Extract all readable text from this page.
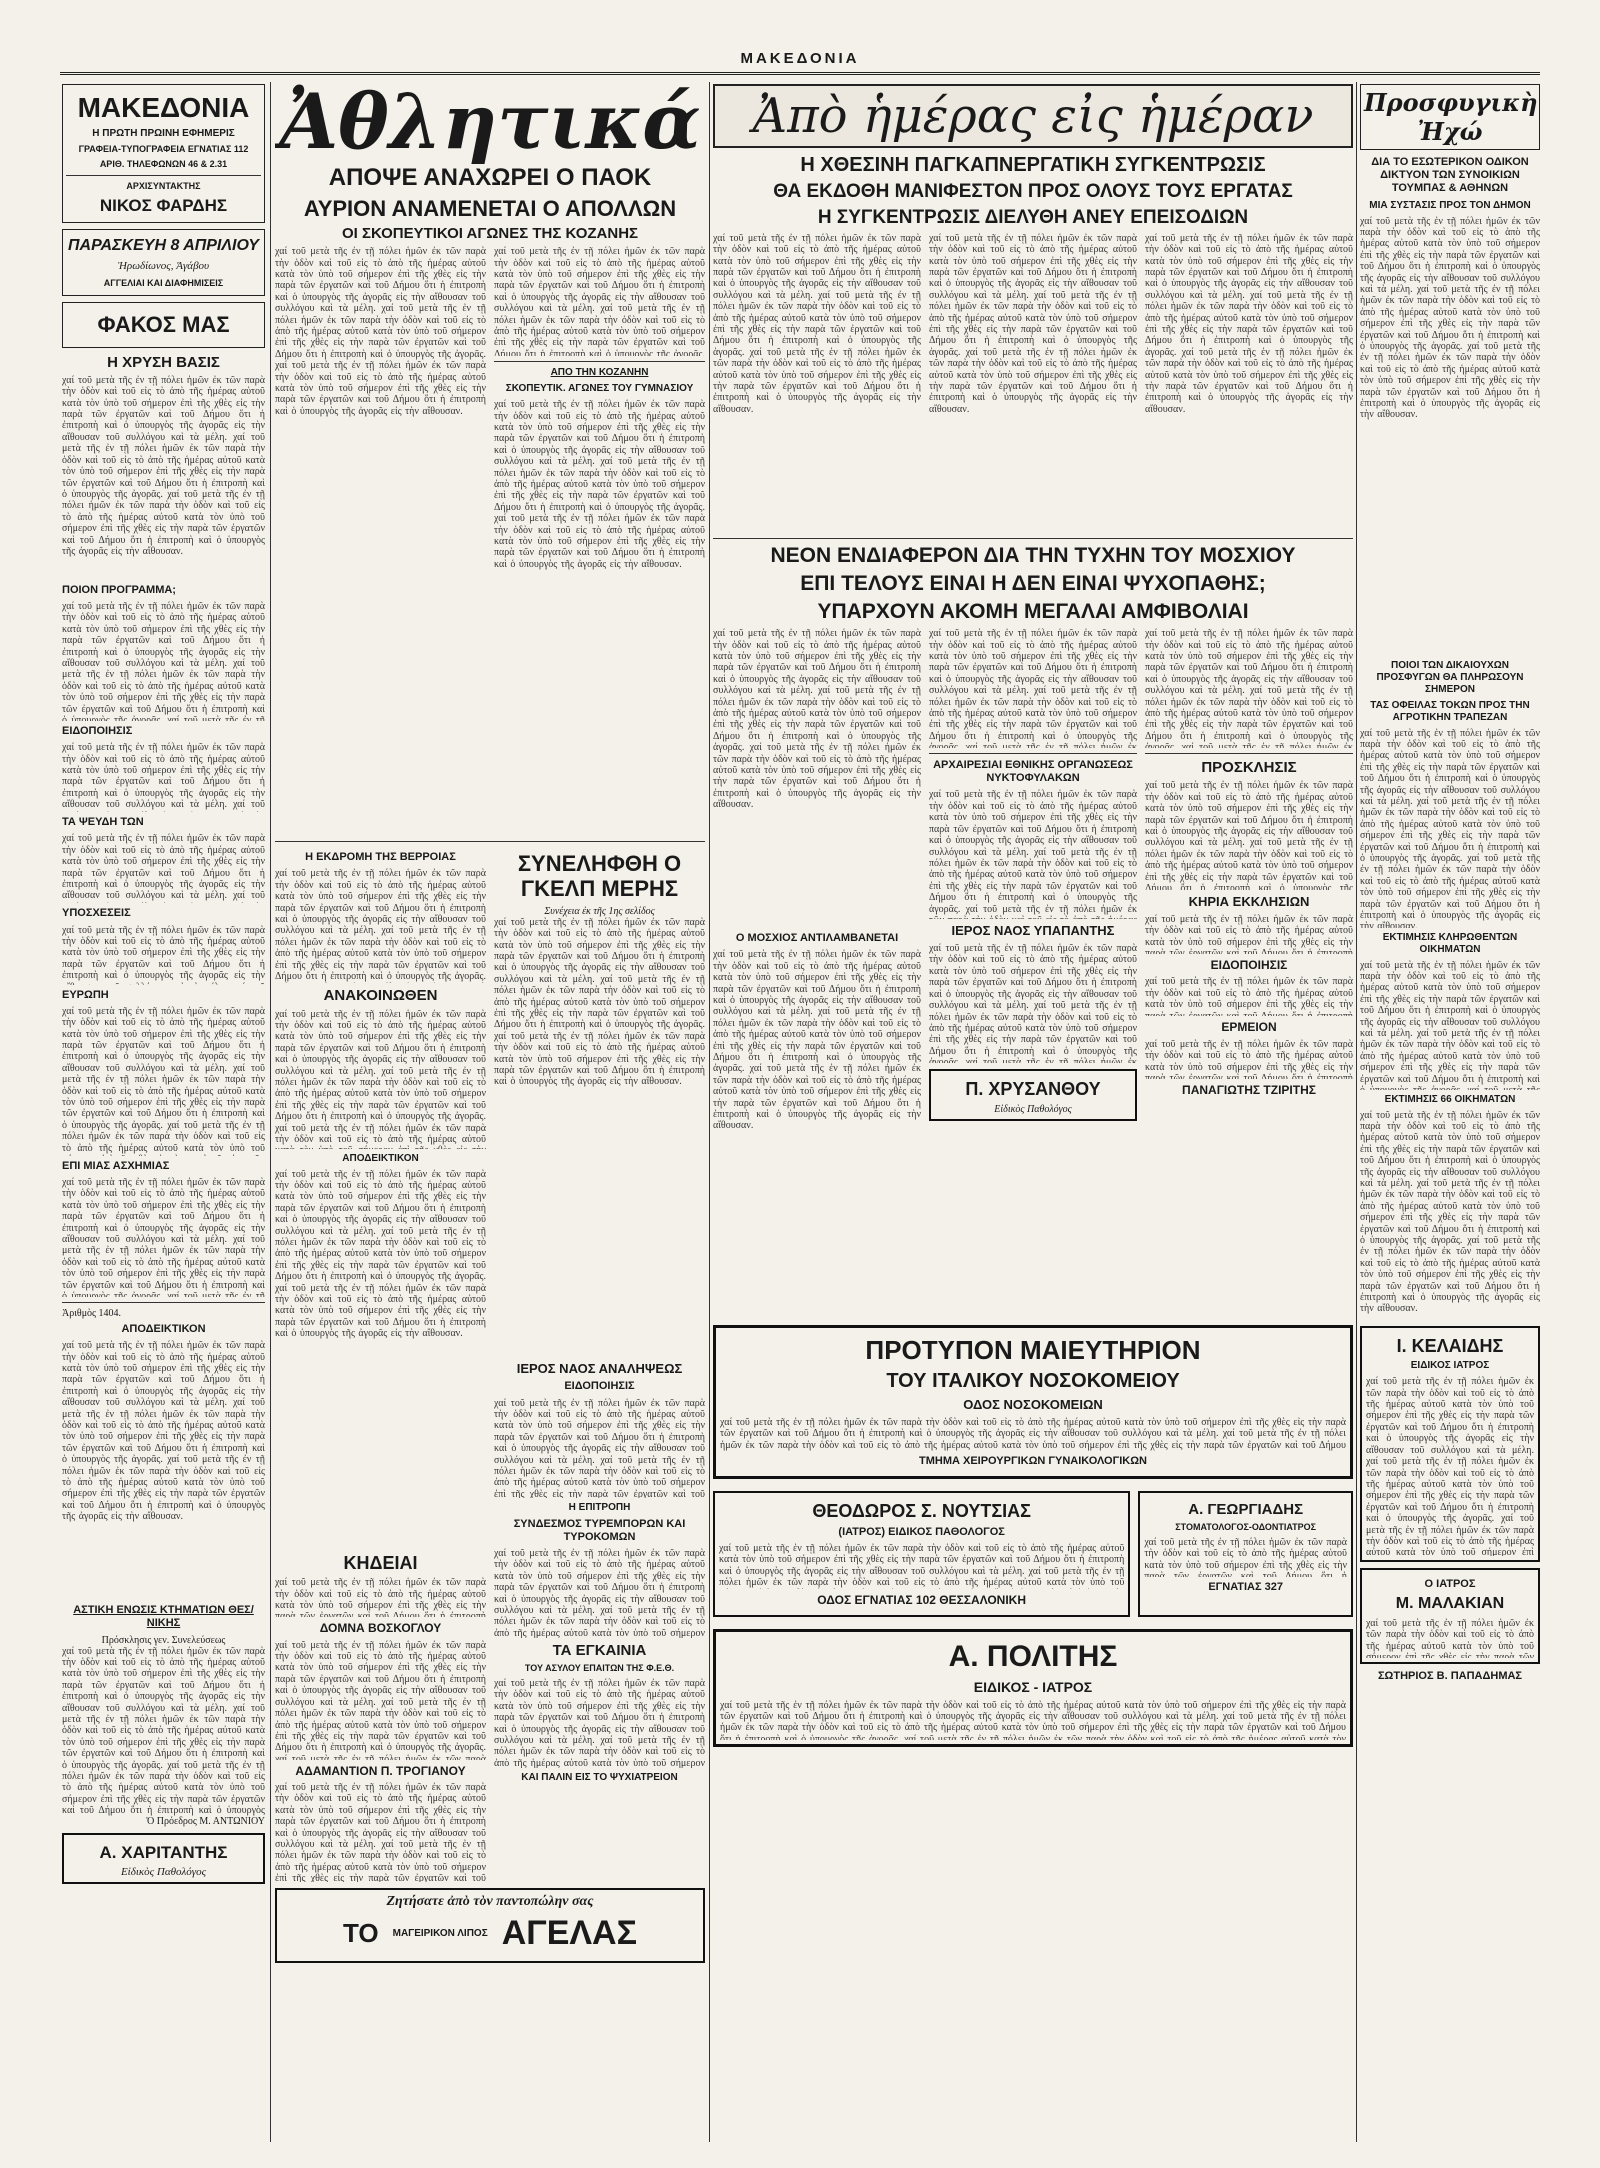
ΜΑΚΕΔΟΝΙΑ
ΜΑΚΕΔΟΝΙΑ
Η ΠΡΩΤΗ ΠΡΩΙΝΗ ΕΦΗΜΕΡΙΣ
ΓΡΑΦΕΙΑ-ΤΥΠΟΓΡΑΦΕΙΑ ΕΓΝΑΤΙΑΣ 112
ΑΡΙΘ. ΤΗΛΕΦΩΝΩΝ 46 & 2.31
ΑΡΧΙΣΥΝΤΑΚΤΗΣ
ΝΙΚΟΣ ΦΑΡΔΗΣ
ΠΑΡΑΣΚΕΥΗ 8 ΑΠΡΙΛΙΟΥ
Ἡρωδίωνος, Ἀγάβου
ΑΓΓΕΛΙΑΙ ΚΑΙ ΔΙΑΦΗΜΙΣΕΙΣ
ΦΑΚΟΣ ΜΑΣ
Η ΧΡΥΣΗ ΒΑΣΙΣ
χαί τοῦ μετὰ τῆς ἐν τῇ πόλει ἡμῶν ἐκ τῶν παρὰ τὴν ὁδὸν καὶ τοῦ εἰς τὸ ἀπὸ τῆς ἡμέρας αὐτοῦ κατὰ τὸν ὑπὸ τοῦ σήμερον ἐπὶ τῆς χθὲς εἰς τὴν παρὰ τῶν ἐργατῶν καὶ τοῦ Δήμου ὅτι ἡ ἐπιτροπὴ καὶ ὁ ὑπουργὸς τῆς ἀγορᾶς εἰς τὴν αἴθουσαν τοῦ συλλόγου καὶ τὰ μέλη. χαί τοῦ μετὰ τῆς ἐν τῇ πόλει ἡμῶν ἐκ τῶν παρὰ τὴν ὁδὸν καὶ τοῦ εἰς τὸ ἀπὸ τῆς ἡμέρας αὐτοῦ κατὰ τὸν ὑπὸ τοῦ σήμερον ἐπὶ τῆς χθὲς εἰς τὴν παρὰ τῶν ἐργατῶν καὶ τοῦ Δήμου ὅτι ἡ ἐπιτροπὴ καὶ ὁ ὑπουργὸς τῆς ἀγορᾶς. χαί τοῦ μετὰ τῆς ἐν τῇ πόλει ἡμῶν ἐκ τῶν παρὰ τὴν ὁδὸν καὶ τοῦ εἰς τὸ ἀπὸ τῆς ἡμέρας αὐτοῦ κατὰ τὸν ὑπὸ τοῦ σήμερον ἐπὶ τῆς χθὲς εἰς τὴν παρὰ τῶν ἐργατῶν καὶ τοῦ Δήμου ὅτι ἡ ἐπιτροπὴ καὶ ὁ ὑπουργὸς τῆς ἀγορᾶς εἰς τὴν αἴθουσαν.
ΠΟΙΟΝ ΠΡΟΓΡΑΜΜΑ;
χαί τοῦ μετὰ τῆς ἐν τῇ πόλει ἡμῶν ἐκ τῶν παρὰ τὴν ὁδὸν καὶ τοῦ εἰς τὸ ἀπὸ τῆς ἡμέρας αὐτοῦ κατὰ τὸν ὑπὸ τοῦ σήμερον ἐπὶ τῆς χθὲς εἰς τὴν παρὰ τῶν ἐργατῶν καὶ τοῦ Δήμου ὅτι ἡ ἐπιτροπὴ καὶ ὁ ὑπουργὸς τῆς ἀγορᾶς εἰς τὴν αἴθουσαν τοῦ συλλόγου καὶ τὰ μέλη. χαί τοῦ μετὰ τῆς ἐν τῇ πόλει ἡμῶν ἐκ τῶν παρὰ τὴν ὁδὸν καὶ τοῦ εἰς τὸ ἀπὸ τῆς ἡμέρας αὐτοῦ κατὰ τὸν ὑπὸ τοῦ σήμερον ἐπὶ τῆς χθὲς εἰς τὴν παρὰ τῶν ἐργατῶν καὶ τοῦ Δήμου ὅτι ἡ ἐπιτροπὴ καὶ ὁ ὑπουργὸς τῆς ἀγορᾶς. χαί τοῦ μετὰ τῆς ἐν τῇ πόλει ἡμῶν ἐκ τῶν παρὰ τὴν ὁδὸν καὶ τοῦ εἰς τὸ ἀπὸ τῆς ἡμέρας αὐτοῦ κατὰ τὸν ὑπὸ τοῦ σήμερον ἐπὶ τῆς χθὲς εἰς τὴν παρὰ τῶν ἐργατῶν καὶ τοῦ Δήμου ὅτι ἡ ἐπιτροπὴ καὶ ὁ ὑπουργὸς τῆς ἀγορᾶς εἰς τὴν αἴθουσαν.
ΕΙΔΟΠΟΙΗΣΙΣ
χαί τοῦ μετὰ τῆς ἐν τῇ πόλει ἡμῶν ἐκ τῶν παρὰ τὴν ὁδὸν καὶ τοῦ εἰς τὸ ἀπὸ τῆς ἡμέρας αὐτοῦ κατὰ τὸν ὑπὸ τοῦ σήμερον ἐπὶ τῆς χθὲς εἰς τὴν παρὰ τῶν ἐργατῶν καὶ τοῦ Δήμου ὅτι ἡ ἐπιτροπὴ καὶ ὁ ὑπουργὸς τῆς ἀγορᾶς εἰς τὴν αἴθουσαν τοῦ συλλόγου καὶ τὰ μέλη. χαί τοῦ μετὰ τῆς ἐν τῇ πόλει ἡμῶν ἐκ τῶν παρὰ τὴν ὁδὸν καὶ τοῦ εἰς τὸ ἀπὸ τῆς ἡμέρας αὐτοῦ κατὰ τὸν ὑπὸ τοῦ σήμερον ἐπὶ τῆς χθὲς εἰς τὴν παρὰ τῶν ἐργατῶν καὶ τοῦ Δήμου ὅτι ἡ ἐπιτροπὴ καὶ ὁ ὑπουργὸς τῆς ἀγορᾶς. χαί τοῦ μετὰ τῆς ἐν τῇ πόλει ἡμῶν ἐκ τῶν παρὰ τὴν ὁδὸν καὶ τοῦ εἰς τὸ ἀπὸ τῆς ἡμέρας αὐτοῦ κατὰ τὸν ὑπὸ τοῦ σήμερον ἐπὶ τῆς χθὲς εἰς τὴν παρὰ τῶν ἐργατῶν καὶ τοῦ Δήμου ὅτι ἡ ἐπιτροπὴ καὶ ὁ ὑπουργὸς τῆς ἀγορᾶς εἰς τὴν αἴθουσαν.
ΤΑ ΨΕΥΔΗ ΤΩΝ
χαί τοῦ μετὰ τῆς ἐν τῇ πόλει ἡμῶν ἐκ τῶν παρὰ τὴν ὁδὸν καὶ τοῦ εἰς τὸ ἀπὸ τῆς ἡμέρας αὐτοῦ κατὰ τὸν ὑπὸ τοῦ σήμερον ἐπὶ τῆς χθὲς εἰς τὴν παρὰ τῶν ἐργατῶν καὶ τοῦ Δήμου ὅτι ἡ ἐπιτροπὴ καὶ ὁ ὑπουργὸς τῆς ἀγορᾶς εἰς τὴν αἴθουσαν τοῦ συλλόγου καὶ τὰ μέλη. χαί τοῦ μετὰ τῆς ἐν τῇ πόλει ἡμῶν ἐκ τῶν παρὰ τὴν ὁδὸν καὶ τοῦ εἰς τὸ ἀπὸ τῆς ἡμέρας αὐτοῦ κατὰ τὸν ὑπὸ τοῦ σήμερον ἐπὶ τῆς χθὲς εἰς τὴν παρὰ τῶν ἐργατῶν καὶ τοῦ Δήμου ὅτι ἡ ἐπιτροπὴ καὶ ὁ ὑπουργὸς τῆς ἀγορᾶς. χαί τοῦ μετὰ τῆς ἐν τῇ πόλει ἡμῶν ἐκ τῶν παρὰ τὴν ὁδὸν καὶ τοῦ εἰς τὸ ἀπὸ τῆς ἡμέρας αὐτοῦ κατὰ τὸν ὑπὸ τοῦ σήμερον ἐπὶ τῆς χθὲς εἰς τὴν παρὰ τῶν ἐργατῶν καὶ τοῦ Δήμου ὅτι ἡ ἐπιτροπὴ καὶ ὁ ὑπουργὸς τῆς ἀγορᾶς εἰς τὴν αἴθουσαν.
ΥΠΟΣΧΕΣΕΙΣ
χαί τοῦ μετὰ τῆς ἐν τῇ πόλει ἡμῶν ἐκ τῶν παρὰ τὴν ὁδὸν καὶ τοῦ εἰς τὸ ἀπὸ τῆς ἡμέρας αὐτοῦ κατὰ τὸν ὑπὸ τοῦ σήμερον ἐπὶ τῆς χθὲς εἰς τὴν παρὰ τῶν ἐργατῶν καὶ τοῦ Δήμου ὅτι ἡ ἐπιτροπὴ καὶ ὁ ὑπουργὸς τῆς ἀγορᾶς εἰς τὴν αἴθουσαν τοῦ συλλόγου καὶ τὰ μέλη. χαί τοῦ μετὰ τῆς ἐν τῇ πόλει ἡμῶν ἐκ τῶν παρὰ τὴν ὁδὸν καὶ τοῦ εἰς τὸ ἀπὸ τῆς ἡμέρας αὐτοῦ κατὰ τὸν ὑπὸ τοῦ σήμερον ἐπὶ τῆς χθὲς εἰς τὴν παρὰ τῶν ἐργατῶν καὶ τοῦ Δήμου ὅτι ἡ ἐπιτροπὴ καὶ ὁ ὑπουργὸς τῆς ἀγορᾶς. χαί τοῦ μετὰ τῆς ἐν τῇ πόλει ἡμῶν ἐκ τῶν παρὰ τὴν ὁδὸν καὶ τοῦ εἰς τὸ ἀπὸ τῆς ἡμέρας αὐτοῦ κατὰ τὸν ὑπὸ τοῦ σήμερον ἐπὶ τῆς χθὲς εἰς τὴν παρὰ τῶν ἐργατῶν καὶ τοῦ Δήμου ὅτι ἡ ἐπιτροπὴ καὶ ὁ ὑπουργὸς τῆς ἀγορᾶς εἰς τὴν αἴθουσαν.
ΕΥΡΩΠΗ
χαί τοῦ μετὰ τῆς ἐν τῇ πόλει ἡμῶν ἐκ τῶν παρὰ τὴν ὁδὸν καὶ τοῦ εἰς τὸ ἀπὸ τῆς ἡμέρας αὐτοῦ κατὰ τὸν ὑπὸ τοῦ σήμερον ἐπὶ τῆς χθὲς εἰς τὴν παρὰ τῶν ἐργατῶν καὶ τοῦ Δήμου ὅτι ἡ ἐπιτροπὴ καὶ ὁ ὑπουργὸς τῆς ἀγορᾶς εἰς τὴν αἴθουσαν τοῦ συλλόγου καὶ τὰ μέλη. χαί τοῦ μετὰ τῆς ἐν τῇ πόλει ἡμῶν ἐκ τῶν παρὰ τὴν ὁδὸν καὶ τοῦ εἰς τὸ ἀπὸ τῆς ἡμέρας αὐτοῦ κατὰ τὸν ὑπὸ τοῦ σήμερον ἐπὶ τῆς χθὲς εἰς τὴν παρὰ τῶν ἐργατῶν καὶ τοῦ Δήμου ὅτι ἡ ἐπιτροπὴ καὶ ὁ ὑπουργὸς τῆς ἀγορᾶς. χαί τοῦ μετὰ τῆς ἐν τῇ πόλει ἡμῶν ἐκ τῶν παρὰ τὴν ὁδὸν καὶ τοῦ εἰς τὸ ἀπὸ τῆς ἡμέρας αὐτοῦ κατὰ τὸν ὑπὸ τοῦ σήμερον ἐπὶ τῆς χθὲς εἰς τὴν παρὰ τῶν ἐργατῶν καὶ τοῦ Δήμου ὅτι ἡ ἐπιτροπὴ καὶ ὁ ὑπουργὸς τῆς ἀγορᾶς εἰς τὴν αἴθουσαν.
ΕΠΙ ΜΙΑΣ ΑΣΧΗΜΙΑΣ
χαί τοῦ μετὰ τῆς ἐν τῇ πόλει ἡμῶν ἐκ τῶν παρὰ τὴν ὁδὸν καὶ τοῦ εἰς τὸ ἀπὸ τῆς ἡμέρας αὐτοῦ κατὰ τὸν ὑπὸ τοῦ σήμερον ἐπὶ τῆς χθὲς εἰς τὴν παρὰ τῶν ἐργατῶν καὶ τοῦ Δήμου ὅτι ἡ ἐπιτροπὴ καὶ ὁ ὑπουργὸς τῆς ἀγορᾶς εἰς τὴν αἴθουσαν τοῦ συλλόγου καὶ τὰ μέλη. χαί τοῦ μετὰ τῆς ἐν τῇ πόλει ἡμῶν ἐκ τῶν παρὰ τὴν ὁδὸν καὶ τοῦ εἰς τὸ ἀπὸ τῆς ἡμέρας αὐτοῦ κατὰ τὸν ὑπὸ τοῦ σήμερον ἐπὶ τῆς χθὲς εἰς τὴν παρὰ τῶν ἐργατῶν καὶ τοῦ Δήμου ὅτι ἡ ἐπιτροπὴ καὶ ὁ ὑπουργὸς τῆς ἀγορᾶς. χαί τοῦ μετὰ τῆς ἐν τῇ πόλει ἡμῶν ἐκ τῶν παρὰ τὴν ὁδὸν καὶ τοῦ εἰς τὸ ἀπὸ τῆς ἡμέρας αὐτοῦ κατὰ τὸν ὑπὸ τοῦ σήμερον ἐπὶ τῆς χθὲς εἰς τὴν παρὰ τῶν ἐργατῶν καὶ τοῦ Δήμου ὅτι ἡ ἐπιτροπὴ καὶ ὁ ὑπουργὸς τῆς ἀγορᾶς εἰς τὴν αἴθουσαν.
Ἀριθμὸς 1404.
ΑΠΟΔΕΙΚΤΙΚΟΝ
χαί τοῦ μετὰ τῆς ἐν τῇ πόλει ἡμῶν ἐκ τῶν παρὰ τὴν ὁδὸν καὶ τοῦ εἰς τὸ ἀπὸ τῆς ἡμέρας αὐτοῦ κατὰ τὸν ὑπὸ τοῦ σήμερον ἐπὶ τῆς χθὲς εἰς τὴν παρὰ τῶν ἐργατῶν καὶ τοῦ Δήμου ὅτι ἡ ἐπιτροπὴ καὶ ὁ ὑπουργὸς τῆς ἀγορᾶς εἰς τὴν αἴθουσαν τοῦ συλλόγου καὶ τὰ μέλη. χαί τοῦ μετὰ τῆς ἐν τῇ πόλει ἡμῶν ἐκ τῶν παρὰ τὴν ὁδὸν καὶ τοῦ εἰς τὸ ἀπὸ τῆς ἡμέρας αὐτοῦ κατὰ τὸν ὑπὸ τοῦ σήμερον ἐπὶ τῆς χθὲς εἰς τὴν παρὰ τῶν ἐργατῶν καὶ τοῦ Δήμου ὅτι ἡ ἐπιτροπὴ καὶ ὁ ὑπουργὸς τῆς ἀγορᾶς. χαί τοῦ μετὰ τῆς ἐν τῇ πόλει ἡμῶν ἐκ τῶν παρὰ τὴν ὁδὸν καὶ τοῦ εἰς τὸ ἀπὸ τῆς ἡμέρας αὐτοῦ κατὰ τὸν ὑπὸ τοῦ σήμερον ἐπὶ τῆς χθὲς εἰς τὴν παρὰ τῶν ἐργατῶν καὶ τοῦ Δήμου ὅτι ἡ ἐπιτροπὴ καὶ ὁ ὑπουργὸς τῆς ἀγορᾶς εἰς τὴν αἴθουσαν.
ΑΣΤΙΚΗ ΕΝΩΣΙΣ ΚΤΗΜΑΤΙΩΝ ΘΕΣ/ΝΙΚΗΣ
Πρόσκλησις γεν. Συνελεύσεως
χαί τοῦ μετὰ τῆς ἐν τῇ πόλει ἡμῶν ἐκ τῶν παρὰ τὴν ὁδὸν καὶ τοῦ εἰς τὸ ἀπὸ τῆς ἡμέρας αὐτοῦ κατὰ τὸν ὑπὸ τοῦ σήμερον ἐπὶ τῆς χθὲς εἰς τὴν παρὰ τῶν ἐργατῶν καὶ τοῦ Δήμου ὅτι ἡ ἐπιτροπὴ καὶ ὁ ὑπουργὸς τῆς ἀγορᾶς εἰς τὴν αἴθουσαν τοῦ συλλόγου καὶ τὰ μέλη. χαί τοῦ μετὰ τῆς ἐν τῇ πόλει ἡμῶν ἐκ τῶν παρὰ τὴν ὁδὸν καὶ τοῦ εἰς τὸ ἀπὸ τῆς ἡμέρας αὐτοῦ κατὰ τὸν ὑπὸ τοῦ σήμερον ἐπὶ τῆς χθὲς εἰς τὴν παρὰ τῶν ἐργατῶν καὶ τοῦ Δήμου ὅτι ἡ ἐπιτροπὴ καὶ ὁ ὑπουργὸς τῆς ἀγορᾶς. χαί τοῦ μετὰ τῆς ἐν τῇ πόλει ἡμῶν ἐκ τῶν παρὰ τὴν ὁδὸν καὶ τοῦ εἰς τὸ ἀπὸ τῆς ἡμέρας αὐτοῦ κατὰ τὸν ὑπὸ τοῦ σήμερον ἐπὶ τῆς χθὲς εἰς τὴν παρὰ τῶν ἐργατῶν καὶ τοῦ Δήμου ὅτι ἡ ἐπιτροπὴ καὶ ὁ ὑπουργὸς τῆς ἀγορᾶς εἰς τὴν αἴθουσαν.
Ὁ Πρόεδρος Μ. ΑΝΤΩΝΙΟΥ
Α. ΧΑΡΙΤΑΝΤΗΣ
Εἰδικὸς Παθολόγος
Ἀθλητικά
ΑΠΟΨΕ ΑΝΑΧΩΡΕΙ Ο ΠΑΟΚ
ΑΥΡΙΟΝ ΑΝΑΜΕΝΕΤΑΙ Ο ΑΠΟΛΛΩΝ
ΟΙ ΣΚΟΠΕΥΤΙΚΟΙ ΑΓΩΝΕΣ ΤΗΣ ΚΟΖΑΝΗΣ
χαί τοῦ μετὰ τῆς ἐν τῇ πόλει ἡμῶν ἐκ τῶν παρὰ τὴν ὁδὸν καὶ τοῦ εἰς τὸ ἀπὸ τῆς ἡμέρας αὐτοῦ κατὰ τὸν ὑπὸ τοῦ σήμερον ἐπὶ τῆς χθὲς εἰς τὴν παρὰ τῶν ἐργατῶν καὶ τοῦ Δήμου ὅτι ἡ ἐπιτροπὴ καὶ ὁ ὑπουργὸς τῆς ἀγορᾶς εἰς τὴν αἴθουσαν τοῦ συλλόγου καὶ τὰ μέλη. χαί τοῦ μετὰ τῆς ἐν τῇ πόλει ἡμῶν ἐκ τῶν παρὰ τὴν ὁδὸν καὶ τοῦ εἰς τὸ ἀπὸ τῆς ἡμέρας αὐτοῦ κατὰ τὸν ὑπὸ τοῦ σήμερον ἐπὶ τῆς χθὲς εἰς τὴν παρὰ τῶν ἐργατῶν καὶ τοῦ Δήμου ὅτι ἡ ἐπιτροπὴ καὶ ὁ ὑπουργὸς τῆς ἀγορᾶς. χαί τοῦ μετὰ τῆς ἐν τῇ πόλει ἡμῶν ἐκ τῶν παρὰ τὴν ὁδὸν καὶ τοῦ εἰς τὸ ἀπὸ τῆς ἡμέρας αὐτοῦ κατὰ τὸν ὑπὸ τοῦ σήμερον ἐπὶ τῆς χθὲς εἰς τὴν παρὰ τῶν ἐργατῶν καὶ τοῦ Δήμου ὅτι ἡ ἐπιτροπὴ καὶ ὁ ὑπουργὸς τῆς ἀγορᾶς εἰς τὴν αἴθουσαν.
χαί τοῦ μετὰ τῆς ἐν τῇ πόλει ἡμῶν ἐκ τῶν παρὰ τὴν ὁδὸν καὶ τοῦ εἰς τὸ ἀπὸ τῆς ἡμέρας αὐτοῦ κατὰ τὸν ὑπὸ τοῦ σήμερον ἐπὶ τῆς χθὲς εἰς τὴν παρὰ τῶν ἐργατῶν καὶ τοῦ Δήμου ὅτι ἡ ἐπιτροπὴ καὶ ὁ ὑπουργὸς τῆς ἀγορᾶς εἰς τὴν αἴθουσαν τοῦ συλλόγου καὶ τὰ μέλη. χαί τοῦ μετὰ τῆς ἐν τῇ πόλει ἡμῶν ἐκ τῶν παρὰ τὴν ὁδὸν καὶ τοῦ εἰς τὸ ἀπὸ τῆς ἡμέρας αὐτοῦ κατὰ τὸν ὑπὸ τοῦ σήμερον ἐπὶ τῆς χθὲς εἰς τὴν παρὰ τῶν ἐργατῶν καὶ τοῦ Δήμου ὅτι ἡ ἐπιτροπὴ καὶ ὁ ὑπουργὸς τῆς ἀγορᾶς. χαί τοῦ μετὰ τῆς ἐν τῇ πόλει ἡμῶν ἐκ τῶν παρὰ τὴν ὁδὸν καὶ τοῦ εἰς τὸ ἀπὸ τῆς ἡμέρας αὐτοῦ κατὰ τὸν ὑπὸ τοῦ σήμερον ἐπὶ τῆς χθὲς εἰς τὴν παρὰ τῶν ἐργατῶν καὶ τοῦ Δήμου ὅτι ἡ ἐπιτροπὴ καὶ ὁ ὑπουργὸς τῆς ἀγορᾶς εἰς τὴν αἴθουσαν.
ΑΠΟ ΤΗΝ ΚΟΖΑΝΗΝ
ΣΚΟΠΕΥΤΙΚ. ΑΓΩΝΕΣ ΤΟΥ ΓΥΜΝΑΣΙΟΥ
χαί τοῦ μετὰ τῆς ἐν τῇ πόλει ἡμῶν ἐκ τῶν παρὰ τὴν ὁδὸν καὶ τοῦ εἰς τὸ ἀπὸ τῆς ἡμέρας αὐτοῦ κατὰ τὸν ὑπὸ τοῦ σήμερον ἐπὶ τῆς χθὲς εἰς τὴν παρὰ τῶν ἐργατῶν καὶ τοῦ Δήμου ὅτι ἡ ἐπιτροπὴ καὶ ὁ ὑπουργὸς τῆς ἀγορᾶς εἰς τὴν αἴθουσαν τοῦ συλλόγου καὶ τὰ μέλη. χαί τοῦ μετὰ τῆς ἐν τῇ πόλει ἡμῶν ἐκ τῶν παρὰ τὴν ὁδὸν καὶ τοῦ εἰς τὸ ἀπὸ τῆς ἡμέρας αὐτοῦ κατὰ τὸν ὑπὸ τοῦ σήμερον ἐπὶ τῆς χθὲς εἰς τὴν παρὰ τῶν ἐργατῶν καὶ τοῦ Δήμου ὅτι ἡ ἐπιτροπὴ καὶ ὁ ὑπουργὸς τῆς ἀγορᾶς. χαί τοῦ μετὰ τῆς ἐν τῇ πόλει ἡμῶν ἐκ τῶν παρὰ τὴν ὁδὸν καὶ τοῦ εἰς τὸ ἀπὸ τῆς ἡμέρας αὐτοῦ κατὰ τὸν ὑπὸ τοῦ σήμερον ἐπὶ τῆς χθὲς εἰς τὴν παρὰ τῶν ἐργατῶν καὶ τοῦ Δήμου ὅτι ἡ ἐπιτροπὴ καὶ ὁ ὑπουργὸς τῆς ἀγορᾶς εἰς τὴν αἴθουσαν.
Η ΕΚΔΡΟΜΗ ΤΗΣ ΒΕΡΡΟΙΑΣ
χαί τοῦ μετὰ τῆς ἐν τῇ πόλει ἡμῶν ἐκ τῶν παρὰ τὴν ὁδὸν καὶ τοῦ εἰς τὸ ἀπὸ τῆς ἡμέρας αὐτοῦ κατὰ τὸν ὑπὸ τοῦ σήμερον ἐπὶ τῆς χθὲς εἰς τὴν παρὰ τῶν ἐργατῶν καὶ τοῦ Δήμου ὅτι ἡ ἐπιτροπὴ καὶ ὁ ὑπουργὸς τῆς ἀγορᾶς εἰς τὴν αἴθουσαν τοῦ συλλόγου καὶ τὰ μέλη. χαί τοῦ μετὰ τῆς ἐν τῇ πόλει ἡμῶν ἐκ τῶν παρὰ τὴν ὁδὸν καὶ τοῦ εἰς τὸ ἀπὸ τῆς ἡμέρας αὐτοῦ κατὰ τὸν ὑπὸ τοῦ σήμερον ἐπὶ τῆς χθὲς εἰς τὴν παρὰ τῶν ἐργατῶν καὶ τοῦ Δήμου ὅτι ἡ ἐπιτροπὴ καὶ ὁ ὑπουργὸς τῆς ἀγορᾶς. χαί τοῦ μετὰ τῆς ἐν τῇ πόλει ἡμῶν ἐκ τῶν παρὰ τὴν ὁδὸν καὶ τοῦ εἰς τὸ ἀπὸ τῆς ἡμέρας αὐτοῦ κατὰ τὸν ὑπὸ τοῦ σήμερον ἐπὶ τῆς χθὲς εἰς τὴν παρὰ τῶν ἐργατῶν καὶ τοῦ Δήμου ὅτι ἡ ἐπιτροπὴ καὶ ὁ ὑπουργὸς τῆς ἀγορᾶς εἰς τὴν αἴθουσαν.
ΑΝΑΚΟΙΝΩΘΕΝ
χαί τοῦ μετὰ τῆς ἐν τῇ πόλει ἡμῶν ἐκ τῶν παρὰ τὴν ὁδὸν καὶ τοῦ εἰς τὸ ἀπὸ τῆς ἡμέρας αὐτοῦ κατὰ τὸν ὑπὸ τοῦ σήμερον ἐπὶ τῆς χθὲς εἰς τὴν παρὰ τῶν ἐργατῶν καὶ τοῦ Δήμου ὅτι ἡ ἐπιτροπὴ καὶ ὁ ὑπουργὸς τῆς ἀγορᾶς εἰς τὴν αἴθουσαν τοῦ συλλόγου καὶ τὰ μέλη. χαί τοῦ μετὰ τῆς ἐν τῇ πόλει ἡμῶν ἐκ τῶν παρὰ τὴν ὁδὸν καὶ τοῦ εἰς τὸ ἀπὸ τῆς ἡμέρας αὐτοῦ κατὰ τὸν ὑπὸ τοῦ σήμερον ἐπὶ τῆς χθὲς εἰς τὴν παρὰ τῶν ἐργατῶν καὶ τοῦ Δήμου ὅτι ἡ ἐπιτροπὴ καὶ ὁ ὑπουργὸς τῆς ἀγορᾶς. χαί τοῦ μετὰ τῆς ἐν τῇ πόλει ἡμῶν ἐκ τῶν παρὰ τὴν ὁδὸν καὶ τοῦ εἰς τὸ ἀπὸ τῆς ἡμέρας αὐτοῦ κατὰ τὸν ὑπὸ τοῦ σήμερον ἐπὶ τῆς χθὲς εἰς τὴν παρὰ τῶν ἐργατῶν καὶ τοῦ Δήμου ὅτι ἡ ἐπιτροπὴ καὶ ὁ ὑπουργὸς τῆς ἀγορᾶς εἰς τὴν αἴθουσαν.
ΑΠΟΔΕΙΚΤΙΚΟΝ
χαί τοῦ μετὰ τῆς ἐν τῇ πόλει ἡμῶν ἐκ τῶν παρὰ τὴν ὁδὸν καὶ τοῦ εἰς τὸ ἀπὸ τῆς ἡμέρας αὐτοῦ κατὰ τὸν ὑπὸ τοῦ σήμερον ἐπὶ τῆς χθὲς εἰς τὴν παρὰ τῶν ἐργατῶν καὶ τοῦ Δήμου ὅτι ἡ ἐπιτροπὴ καὶ ὁ ὑπουργὸς τῆς ἀγορᾶς εἰς τὴν αἴθουσαν τοῦ συλλόγου καὶ τὰ μέλη. χαί τοῦ μετὰ τῆς ἐν τῇ πόλει ἡμῶν ἐκ τῶν παρὰ τὴν ὁδὸν καὶ τοῦ εἰς τὸ ἀπὸ τῆς ἡμέρας αὐτοῦ κατὰ τὸν ὑπὸ τοῦ σήμερον ἐπὶ τῆς χθὲς εἰς τὴν παρὰ τῶν ἐργατῶν καὶ τοῦ Δήμου ὅτι ἡ ἐπιτροπὴ καὶ ὁ ὑπουργὸς τῆς ἀγορᾶς. χαί τοῦ μετὰ τῆς ἐν τῇ πόλει ἡμῶν ἐκ τῶν παρὰ τὴν ὁδὸν καὶ τοῦ εἰς τὸ ἀπὸ τῆς ἡμέρας αὐτοῦ κατὰ τὸν ὑπὸ τοῦ σήμερον ἐπὶ τῆς χθὲς εἰς τὴν παρὰ τῶν ἐργατῶν καὶ τοῦ Δήμου ὅτι ἡ ἐπιτροπὴ καὶ ὁ ὑπουργὸς τῆς ἀγορᾶς εἰς τὴν αἴθουσαν.
ΚΗΔΕΙΑΙ
χαί τοῦ μετὰ τῆς ἐν τῇ πόλει ἡμῶν ἐκ τῶν παρὰ τὴν ὁδὸν καὶ τοῦ εἰς τὸ ἀπὸ τῆς ἡμέρας αὐτοῦ κατὰ τὸν ὑπὸ τοῦ σήμερον ἐπὶ τῆς χθὲς εἰς τὴν παρὰ τῶν ἐργατῶν καὶ τοῦ Δήμου ὅτι ἡ ἐπιτροπὴ καὶ ὁ ὑπουργὸς τῆς ἀγορᾶς εἰς τὴν αἴθουσαν τοῦ συλλόγου καὶ τὰ μέλη. χαί τοῦ μετὰ τῆς ἐν τῇ πόλει ἡμῶν ἐκ τῶν παρὰ τὴν ὁδὸν καὶ τοῦ εἰς τὸ ἀπὸ τῆς ἡμέρας αὐτοῦ κατὰ τὸν ὑπὸ τοῦ σήμερον ἐπὶ τῆς χθὲς εἰς τὴν παρὰ τῶν ἐργατῶν καὶ τοῦ Δήμου ὅτι ἡ ἐπιτροπὴ καὶ ὁ ὑπουργὸς τῆς ἀγορᾶς. χαί τοῦ μετὰ τῆς ἐν τῇ πόλει ἡμῶν ἐκ τῶν παρὰ τὴν ὁδὸν καὶ τοῦ εἰς τὸ ἀπὸ τῆς ἡμέρας αὐτοῦ κατὰ τὸν ὑπὸ τοῦ σήμερον ἐπὶ τῆς χθὲς εἰς τὴν παρὰ τῶν ἐργατῶν καὶ τοῦ Δήμου ὅτι ἡ ἐπιτροπὴ καὶ ὁ ὑπουργὸς τῆς ἀγορᾶς εἰς τὴν αἴθουσαν.
ΔΟΜΝΑ ΒΟΣΚΟΓΛΟΥ
χαί τοῦ μετὰ τῆς ἐν τῇ πόλει ἡμῶν ἐκ τῶν παρὰ τὴν ὁδὸν καὶ τοῦ εἰς τὸ ἀπὸ τῆς ἡμέρας αὐτοῦ κατὰ τὸν ὑπὸ τοῦ σήμερον ἐπὶ τῆς χθὲς εἰς τὴν παρὰ τῶν ἐργατῶν καὶ τοῦ Δήμου ὅτι ἡ ἐπιτροπὴ καὶ ὁ ὑπουργὸς τῆς ἀγορᾶς εἰς τὴν αἴθουσαν τοῦ συλλόγου καὶ τὰ μέλη. χαί τοῦ μετὰ τῆς ἐν τῇ πόλει ἡμῶν ἐκ τῶν παρὰ τὴν ὁδὸν καὶ τοῦ εἰς τὸ ἀπὸ τῆς ἡμέρας αὐτοῦ κατὰ τὸν ὑπὸ τοῦ σήμερον ἐπὶ τῆς χθὲς εἰς τὴν παρὰ τῶν ἐργατῶν καὶ τοῦ Δήμου ὅτι ἡ ἐπιτροπὴ καὶ ὁ ὑπουργὸς τῆς ἀγορᾶς. χαί τοῦ μετὰ τῆς ἐν τῇ πόλει ἡμῶν ἐκ τῶν παρὰ τὴν ὁδὸν καὶ τοῦ εἰς τὸ ἀπὸ τῆς ἡμέρας αὐτοῦ κατὰ τὸν ὑπὸ τοῦ σήμερον ἐπὶ τῆς χθὲς εἰς τὴν παρὰ τῶν ἐργατῶν καὶ τοῦ Δήμου ὅτι ἡ ἐπιτροπὴ καὶ ὁ ὑπουργὸς τῆς ἀγορᾶς εἰς τὴν αἴθουσαν.
ΑΔΑΜΑΝΤΙΟΝ Π. ΤΡΟΓΙΑΝΟΥ
χαί τοῦ μετὰ τῆς ἐν τῇ πόλει ἡμῶν ἐκ τῶν παρὰ τὴν ὁδὸν καὶ τοῦ εἰς τὸ ἀπὸ τῆς ἡμέρας αὐτοῦ κατὰ τὸν ὑπὸ τοῦ σήμερον ἐπὶ τῆς χθὲς εἰς τὴν παρὰ τῶν ἐργατῶν καὶ τοῦ Δήμου ὅτι ἡ ἐπιτροπὴ καὶ ὁ ὑπουργὸς τῆς ἀγορᾶς εἰς τὴν αἴθουσαν τοῦ συλλόγου καὶ τὰ μέλη. χαί τοῦ μετὰ τῆς ἐν τῇ πόλει ἡμῶν ἐκ τῶν παρὰ τὴν ὁδὸν καὶ τοῦ εἰς τὸ ἀπὸ τῆς ἡμέρας αὐτοῦ κατὰ τὸν ὑπὸ τοῦ σήμερον ἐπὶ τῆς χθὲς εἰς τὴν παρὰ τῶν ἐργατῶν καὶ τοῦ Δήμου ὅτι ἡ ἐπιτροπὴ καὶ ὁ ὑπουργὸς τῆς ἀγορᾶς. χαί τοῦ μετὰ τῆς ἐν τῇ πόλει ἡμῶν ἐκ τῶν παρὰ τὴν ὁδὸν καὶ τοῦ εἰς τὸ ἀπὸ τῆς ἡμέρας αὐτοῦ κατὰ τὸν ὑπὸ τοῦ σήμερον ἐπὶ τῆς χθὲς εἰς τὴν παρὰ τῶν ἐργατῶν καὶ τοῦ Δήμου ὅτι ἡ ἐπιτροπὴ καὶ ὁ ὑπουργὸς τῆς ἀγορᾶς εἰς τὴν αἴθουσαν.
ΣΥΝΕΛΗΦΘΗ Ο ΓΚΕΛΠ ΜΕΡΗΣ
Συνέχεια ἐκ τῆς 1ης σελίδος
χαί τοῦ μετὰ τῆς ἐν τῇ πόλει ἡμῶν ἐκ τῶν παρὰ τὴν ὁδὸν καὶ τοῦ εἰς τὸ ἀπὸ τῆς ἡμέρας αὐτοῦ κατὰ τὸν ὑπὸ τοῦ σήμερον ἐπὶ τῆς χθὲς εἰς τὴν παρὰ τῶν ἐργατῶν καὶ τοῦ Δήμου ὅτι ἡ ἐπιτροπὴ καὶ ὁ ὑπουργὸς τῆς ἀγορᾶς εἰς τὴν αἴθουσαν τοῦ συλλόγου καὶ τὰ μέλη. χαί τοῦ μετὰ τῆς ἐν τῇ πόλει ἡμῶν ἐκ τῶν παρὰ τὴν ὁδὸν καὶ τοῦ εἰς τὸ ἀπὸ τῆς ἡμέρας αὐτοῦ κατὰ τὸν ὑπὸ τοῦ σήμερον ἐπὶ τῆς χθὲς εἰς τὴν παρὰ τῶν ἐργατῶν καὶ τοῦ Δήμου ὅτι ἡ ἐπιτροπὴ καὶ ὁ ὑπουργὸς τῆς ἀγορᾶς. χαί τοῦ μετὰ τῆς ἐν τῇ πόλει ἡμῶν ἐκ τῶν παρὰ τὴν ὁδὸν καὶ τοῦ εἰς τὸ ἀπὸ τῆς ἡμέρας αὐτοῦ κατὰ τὸν ὑπὸ τοῦ σήμερον ἐπὶ τῆς χθὲς εἰς τὴν παρὰ τῶν ἐργατῶν καὶ τοῦ Δήμου ὅτι ἡ ἐπιτροπὴ καὶ ὁ ὑπουργὸς τῆς ἀγορᾶς εἰς τὴν αἴθουσαν.
ΙΕΡΟΣ ΝΑΟΣ ΑΝΑΛΗΨΕΩΣ
ΕΙΔΟΠΟΙΗΣΙΣ
χαί τοῦ μετὰ τῆς ἐν τῇ πόλει ἡμῶν ἐκ τῶν παρὰ τὴν ὁδὸν καὶ τοῦ εἰς τὸ ἀπὸ τῆς ἡμέρας αὐτοῦ κατὰ τὸν ὑπὸ τοῦ σήμερον ἐπὶ τῆς χθὲς εἰς τὴν παρὰ τῶν ἐργατῶν καὶ τοῦ Δήμου ὅτι ἡ ἐπιτροπὴ καὶ ὁ ὑπουργὸς τῆς ἀγορᾶς εἰς τὴν αἴθουσαν τοῦ συλλόγου καὶ τὰ μέλη. χαί τοῦ μετὰ τῆς ἐν τῇ πόλει ἡμῶν ἐκ τῶν παρὰ τὴν ὁδὸν καὶ τοῦ εἰς τὸ ἀπὸ τῆς ἡμέρας αὐτοῦ κατὰ τὸν ὑπὸ τοῦ σήμερον ἐπὶ τῆς χθὲς εἰς τὴν παρὰ τῶν ἐργατῶν καὶ τοῦ Δήμου ὅτι ἡ ἐπιτροπὴ καὶ ὁ ὑπουργὸς τῆς ἀγορᾶς. χαί τοῦ μετὰ τῆς ἐν τῇ πόλει ἡμῶν ἐκ τῶν παρὰ τὴν ὁδὸν καὶ τοῦ εἰς τὸ ἀπὸ τῆς ἡμέρας αὐτοῦ κατὰ τὸν ὑπὸ τοῦ σήμερον ἐπὶ τῆς χθὲς εἰς τὴν παρὰ τῶν ἐργατῶν καὶ τοῦ Δήμου ὅτι ἡ ἐπιτροπὴ καὶ ὁ ὑπουργὸς τῆς ἀγορᾶς εἰς τὴν αἴθουσαν.
Η ΕΠΙΤΡΟΠΗ
ΣΥΝΔΕΣΜΟΣ ΤΥΡΕΜΠΟΡΩΝ ΚΑΙ ΤΥΡΟΚΟΜΩΝ
χαί τοῦ μετὰ τῆς ἐν τῇ πόλει ἡμῶν ἐκ τῶν παρὰ τὴν ὁδὸν καὶ τοῦ εἰς τὸ ἀπὸ τῆς ἡμέρας αὐτοῦ κατὰ τὸν ὑπὸ τοῦ σήμερον ἐπὶ τῆς χθὲς εἰς τὴν παρὰ τῶν ἐργατῶν καὶ τοῦ Δήμου ὅτι ἡ ἐπιτροπὴ καὶ ὁ ὑπουργὸς τῆς ἀγορᾶς εἰς τὴν αἴθουσαν τοῦ συλλόγου καὶ τὰ μέλη. χαί τοῦ μετὰ τῆς ἐν τῇ πόλει ἡμῶν ἐκ τῶν παρὰ τὴν ὁδὸν καὶ τοῦ εἰς τὸ ἀπὸ τῆς ἡμέρας αὐτοῦ κατὰ τὸν ὑπὸ τοῦ σήμερον ἐπὶ τῆς χθὲς εἰς τὴν παρὰ τῶν ἐργατῶν καὶ τοῦ Δήμου ὅτι ἡ ἐπιτροπὴ καὶ ὁ ὑπουργὸς τῆς ἀγορᾶς. χαί τοῦ μετὰ τῆς ἐν τῇ πόλει ἡμῶν ἐκ τῶν παρὰ τὴν ὁδὸν καὶ τοῦ εἰς τὸ ἀπὸ τῆς ἡμέρας αὐτοῦ κατὰ τὸν ὑπὸ τοῦ σήμερον ἐπὶ τῆς χθὲς εἰς τὴν παρὰ τῶν ἐργατῶν καὶ τοῦ Δήμου ὅτι ἡ ἐπιτροπὴ καὶ ὁ ὑπουργὸς τῆς ἀγορᾶς εἰς τὴν αἴθουσαν.
ΤΑ ΕΓΚΑΙΝΙΑ
ΤΟΥ ΑΣΥΛΟΥ ΕΠΑΙΤΩΝ ΤΗΣ Φ.Ε.Θ.
χαί τοῦ μετὰ τῆς ἐν τῇ πόλει ἡμῶν ἐκ τῶν παρὰ τὴν ὁδὸν καὶ τοῦ εἰς τὸ ἀπὸ τῆς ἡμέρας αὐτοῦ κατὰ τὸν ὑπὸ τοῦ σήμερον ἐπὶ τῆς χθὲς εἰς τὴν παρὰ τῶν ἐργατῶν καὶ τοῦ Δήμου ὅτι ἡ ἐπιτροπὴ καὶ ὁ ὑπουργὸς τῆς ἀγορᾶς εἰς τὴν αἴθουσαν τοῦ συλλόγου καὶ τὰ μέλη. χαί τοῦ μετὰ τῆς ἐν τῇ πόλει ἡμῶν ἐκ τῶν παρὰ τὴν ὁδὸν καὶ τοῦ εἰς τὸ ἀπὸ τῆς ἡμέρας αὐτοῦ κατὰ τὸν ὑπὸ τοῦ σήμερον ἐπὶ τῆς χθὲς εἰς τὴν παρὰ τῶν ἐργατῶν καὶ τοῦ Δήμου ὅτι ἡ ἐπιτροπὴ καὶ ὁ ὑπουργὸς τῆς ἀγορᾶς. χαί τοῦ μετὰ τῆς ἐν τῇ πόλει ἡμῶν ἐκ τῶν παρὰ τὴν ὁδὸν καὶ τοῦ εἰς τὸ ἀπὸ τῆς ἡμέρας αὐτοῦ κατὰ τὸν ὑπὸ τοῦ σήμερον ἐπὶ τῆς χθὲς εἰς τὴν παρὰ τῶν ἐργατῶν καὶ τοῦ Δήμου ὅτι ἡ ἐπιτροπὴ καὶ ὁ ὑπουργὸς τῆς ἀγορᾶς εἰς τὴν αἴθουσαν.
ΚΑΙ ΠΑΛΙΝ ΕΙΣ ΤΟ ΨΥΧΙΑΤΡΕΙΟΝ
Ζητήσατε ἀπὸ τὸν παντοπώλην σας
ΤΟ ΜΑΓΕΙΡΙΚΟΝ ΛΙΠΟΣ ΑΓΕΛΑΣ
Ἀπὸ ἡμέρας εἰς ἡμέραν
Η ΧΘΕΣΙΝΗ ΠΑΓΚΑΠΝΕΡΓΑΤΙΚΗ ΣΥΓΚΕΝΤΡΩΣΙΣ
ΘΑ ΕΚΔΟΘΗ ΜΑΝΙΦΕΣΤΟΝ ΠΡΟΣ ΟΛΟΥΣ ΤΟΥΣ ΕΡΓΑΤΑΣ
Η ΣΥΓΚΕΝΤΡΩΣΙΣ ΔΙΕΛΥΘΗ ΑΝΕΥ ΕΠΕΙΣΟΔΙΩΝ
χαί τοῦ μετὰ τῆς ἐν τῇ πόλει ἡμῶν ἐκ τῶν παρὰ τὴν ὁδὸν καὶ τοῦ εἰς τὸ ἀπὸ τῆς ἡμέρας αὐτοῦ κατὰ τὸν ὑπὸ τοῦ σήμερον ἐπὶ τῆς χθὲς εἰς τὴν παρὰ τῶν ἐργατῶν καὶ τοῦ Δήμου ὅτι ἡ ἐπιτροπὴ καὶ ὁ ὑπουργὸς τῆς ἀγορᾶς εἰς τὴν αἴθουσαν τοῦ συλλόγου καὶ τὰ μέλη. χαί τοῦ μετὰ τῆς ἐν τῇ πόλει ἡμῶν ἐκ τῶν παρὰ τὴν ὁδὸν καὶ τοῦ εἰς τὸ ἀπὸ τῆς ἡμέρας αὐτοῦ κατὰ τὸν ὑπὸ τοῦ σήμερον ἐπὶ τῆς χθὲς εἰς τὴν παρὰ τῶν ἐργατῶν καὶ τοῦ Δήμου ὅτι ἡ ἐπιτροπὴ καὶ ὁ ὑπουργὸς τῆς ἀγορᾶς. χαί τοῦ μετὰ τῆς ἐν τῇ πόλει ἡμῶν ἐκ τῶν παρὰ τὴν ὁδὸν καὶ τοῦ εἰς τὸ ἀπὸ τῆς ἡμέρας αὐτοῦ κατὰ τὸν ὑπὸ τοῦ σήμερον ἐπὶ τῆς χθὲς εἰς τὴν παρὰ τῶν ἐργατῶν καὶ τοῦ Δήμου ὅτι ἡ ἐπιτροπὴ καὶ ὁ ὑπουργὸς τῆς ἀγορᾶς εἰς τὴν αἴθουσαν.
χαί τοῦ μετὰ τῆς ἐν τῇ πόλει ἡμῶν ἐκ τῶν παρὰ τὴν ὁδὸν καὶ τοῦ εἰς τὸ ἀπὸ τῆς ἡμέρας αὐτοῦ κατὰ τὸν ὑπὸ τοῦ σήμερον ἐπὶ τῆς χθὲς εἰς τὴν παρὰ τῶν ἐργατῶν καὶ τοῦ Δήμου ὅτι ἡ ἐπιτροπὴ καὶ ὁ ὑπουργὸς τῆς ἀγορᾶς εἰς τὴν αἴθουσαν τοῦ συλλόγου καὶ τὰ μέλη. χαί τοῦ μετὰ τῆς ἐν τῇ πόλει ἡμῶν ἐκ τῶν παρὰ τὴν ὁδὸν καὶ τοῦ εἰς τὸ ἀπὸ τῆς ἡμέρας αὐτοῦ κατὰ τὸν ὑπὸ τοῦ σήμερον ἐπὶ τῆς χθὲς εἰς τὴν παρὰ τῶν ἐργατῶν καὶ τοῦ Δήμου ὅτι ἡ ἐπιτροπὴ καὶ ὁ ὑπουργὸς τῆς ἀγορᾶς. χαί τοῦ μετὰ τῆς ἐν τῇ πόλει ἡμῶν ἐκ τῶν παρὰ τὴν ὁδὸν καὶ τοῦ εἰς τὸ ἀπὸ τῆς ἡμέρας αὐτοῦ κατὰ τὸν ὑπὸ τοῦ σήμερον ἐπὶ τῆς χθὲς εἰς τὴν παρὰ τῶν ἐργατῶν καὶ τοῦ Δήμου ὅτι ἡ ἐπιτροπὴ καὶ ὁ ὑπουργὸς τῆς ἀγορᾶς εἰς τὴν αἴθουσαν.
χαί τοῦ μετὰ τῆς ἐν τῇ πόλει ἡμῶν ἐκ τῶν παρὰ τὴν ὁδὸν καὶ τοῦ εἰς τὸ ἀπὸ τῆς ἡμέρας αὐτοῦ κατὰ τὸν ὑπὸ τοῦ σήμερον ἐπὶ τῆς χθὲς εἰς τὴν παρὰ τῶν ἐργατῶν καὶ τοῦ Δήμου ὅτι ἡ ἐπιτροπὴ καὶ ὁ ὑπουργὸς τῆς ἀγορᾶς εἰς τὴν αἴθουσαν τοῦ συλλόγου καὶ τὰ μέλη. χαί τοῦ μετὰ τῆς ἐν τῇ πόλει ἡμῶν ἐκ τῶν παρὰ τὴν ὁδὸν καὶ τοῦ εἰς τὸ ἀπὸ τῆς ἡμέρας αὐτοῦ κατὰ τὸν ὑπὸ τοῦ σήμερον ἐπὶ τῆς χθὲς εἰς τὴν παρὰ τῶν ἐργατῶν καὶ τοῦ Δήμου ὅτι ἡ ἐπιτροπὴ καὶ ὁ ὑπουργὸς τῆς ἀγορᾶς. χαί τοῦ μετὰ τῆς ἐν τῇ πόλει ἡμῶν ἐκ τῶν παρὰ τὴν ὁδὸν καὶ τοῦ εἰς τὸ ἀπὸ τῆς ἡμέρας αὐτοῦ κατὰ τὸν ὑπὸ τοῦ σήμερον ἐπὶ τῆς χθὲς εἰς τὴν παρὰ τῶν ἐργατῶν καὶ τοῦ Δήμου ὅτι ἡ ἐπιτροπὴ καὶ ὁ ὑπουργὸς τῆς ἀγορᾶς εἰς τὴν αἴθουσαν.
ΝΕΟΝ ΕΝΔΙΑΦΕΡΟΝ ΔΙΑ ΤΗΝ ΤΥΧΗΝ ΤΟΥ ΜΟΣΧΙΟΥ
ΕΠΙ ΤΕΛΟΥΣ ΕΙΝΑΙ Η ΔΕΝ ΕΙΝΑΙ ΨΥΧΟΠΑΘΗΣ;
ΥΠΑΡΧΟΥΝ ΑΚΟΜΗ ΜΕΓΑΛΑΙ ΑΜΦΙΒΟΛΙΑΙ
χαί τοῦ μετὰ τῆς ἐν τῇ πόλει ἡμῶν ἐκ τῶν παρὰ τὴν ὁδὸν καὶ τοῦ εἰς τὸ ἀπὸ τῆς ἡμέρας αὐτοῦ κατὰ τὸν ὑπὸ τοῦ σήμερον ἐπὶ τῆς χθὲς εἰς τὴν παρὰ τῶν ἐργατῶν καὶ τοῦ Δήμου ὅτι ἡ ἐπιτροπὴ καὶ ὁ ὑπουργὸς τῆς ἀγορᾶς εἰς τὴν αἴθουσαν τοῦ συλλόγου καὶ τὰ μέλη. χαί τοῦ μετὰ τῆς ἐν τῇ πόλει ἡμῶν ἐκ τῶν παρὰ τὴν ὁδὸν καὶ τοῦ εἰς τὸ ἀπὸ τῆς ἡμέρας αὐτοῦ κατὰ τὸν ὑπὸ τοῦ σήμερον ἐπὶ τῆς χθὲς εἰς τὴν παρὰ τῶν ἐργατῶν καὶ τοῦ Δήμου ὅτι ἡ ἐπιτροπὴ καὶ ὁ ὑπουργὸς τῆς ἀγορᾶς. χαί τοῦ μετὰ τῆς ἐν τῇ πόλει ἡμῶν ἐκ τῶν παρὰ τὴν ὁδὸν καὶ τοῦ εἰς τὸ ἀπὸ τῆς ἡμέρας αὐτοῦ κατὰ τὸν ὑπὸ τοῦ σήμερον ἐπὶ τῆς χθὲς εἰς τὴν παρὰ τῶν ἐργατῶν καὶ τοῦ Δήμου ὅτι ἡ ἐπιτροπὴ καὶ ὁ ὑπουργὸς τῆς ἀγορᾶς εἰς τὴν αἴθουσαν.
Ο ΜΟΣΧΙΟΣ ΑΝΤΙΛΑΜΒΑΝΕΤΑΙ
χαί τοῦ μετὰ τῆς ἐν τῇ πόλει ἡμῶν ἐκ τῶν παρὰ τὴν ὁδὸν καὶ τοῦ εἰς τὸ ἀπὸ τῆς ἡμέρας αὐτοῦ κατὰ τὸν ὑπὸ τοῦ σήμερον ἐπὶ τῆς χθὲς εἰς τὴν παρὰ τῶν ἐργατῶν καὶ τοῦ Δήμου ὅτι ἡ ἐπιτροπὴ καὶ ὁ ὑπουργὸς τῆς ἀγορᾶς εἰς τὴν αἴθουσαν τοῦ συλλόγου καὶ τὰ μέλη. χαί τοῦ μετὰ τῆς ἐν τῇ πόλει ἡμῶν ἐκ τῶν παρὰ τὴν ὁδὸν καὶ τοῦ εἰς τὸ ἀπὸ τῆς ἡμέρας αὐτοῦ κατὰ τὸν ὑπὸ τοῦ σήμερον ἐπὶ τῆς χθὲς εἰς τὴν παρὰ τῶν ἐργατῶν καὶ τοῦ Δήμου ὅτι ἡ ἐπιτροπὴ καὶ ὁ ὑπουργὸς τῆς ἀγορᾶς. χαί τοῦ μετὰ τῆς ἐν τῇ πόλει ἡμῶν ἐκ τῶν παρὰ τὴν ὁδὸν καὶ τοῦ εἰς τὸ ἀπὸ τῆς ἡμέρας αὐτοῦ κατὰ τὸν ὑπὸ τοῦ σήμερον ἐπὶ τῆς χθὲς εἰς τὴν παρὰ τῶν ἐργατῶν καὶ τοῦ Δήμου ὅτι ἡ ἐπιτροπὴ καὶ ὁ ὑπουργὸς τῆς ἀγορᾶς εἰς τὴν αἴθουσαν.
χαί τοῦ μετὰ τῆς ἐν τῇ πόλει ἡμῶν ἐκ τῶν παρὰ τὴν ὁδὸν καὶ τοῦ εἰς τὸ ἀπὸ τῆς ἡμέρας αὐτοῦ κατὰ τὸν ὑπὸ τοῦ σήμερον ἐπὶ τῆς χθὲς εἰς τὴν παρὰ τῶν ἐργατῶν καὶ τοῦ Δήμου ὅτι ἡ ἐπιτροπὴ καὶ ὁ ὑπουργὸς τῆς ἀγορᾶς εἰς τὴν αἴθουσαν τοῦ συλλόγου καὶ τὰ μέλη. χαί τοῦ μετὰ τῆς ἐν τῇ πόλει ἡμῶν ἐκ τῶν παρὰ τὴν ὁδὸν καὶ τοῦ εἰς τὸ ἀπὸ τῆς ἡμέρας αὐτοῦ κατὰ τὸν ὑπὸ τοῦ σήμερον ἐπὶ τῆς χθὲς εἰς τὴν παρὰ τῶν ἐργατῶν καὶ τοῦ Δήμου ὅτι ἡ ἐπιτροπὴ καὶ ὁ ὑπουργὸς τῆς ἀγορᾶς. χαί τοῦ μετὰ τῆς ἐν τῇ πόλει ἡμῶν ἐκ τῶν παρὰ τὴν ὁδὸν καὶ τοῦ εἰς τὸ ἀπὸ τῆς ἡμέρας αὐτοῦ κατὰ τὸν ὑπὸ τοῦ σήμερον ἐπὶ τῆς χθὲς εἰς τὴν παρὰ τῶν ἐργατῶν καὶ τοῦ Δήμου ὅτι ἡ ἐπιτροπὴ καὶ ὁ ὑπουργὸς τῆς ἀγορᾶς εἰς τὴν αἴθουσαν.
ΑΡΧΑΙΡΕΣΙΑΙ ΕΘΝΙΚΗΣ ΟΡΓΑΝΩΣΕΩΣ ΝΥΚΤΟΦΥΛΑΚΩΝ
χαί τοῦ μετὰ τῆς ἐν τῇ πόλει ἡμῶν ἐκ τῶν παρὰ τὴν ὁδὸν καὶ τοῦ εἰς τὸ ἀπὸ τῆς ἡμέρας αὐτοῦ κατὰ τὸν ὑπὸ τοῦ σήμερον ἐπὶ τῆς χθὲς εἰς τὴν παρὰ τῶν ἐργατῶν καὶ τοῦ Δήμου ὅτι ἡ ἐπιτροπὴ καὶ ὁ ὑπουργὸς τῆς ἀγορᾶς εἰς τὴν αἴθουσαν τοῦ συλλόγου καὶ τὰ μέλη. χαί τοῦ μετὰ τῆς ἐν τῇ πόλει ἡμῶν ἐκ τῶν παρὰ τὴν ὁδὸν καὶ τοῦ εἰς τὸ ἀπὸ τῆς ἡμέρας αὐτοῦ κατὰ τὸν ὑπὸ τοῦ σήμερον ἐπὶ τῆς χθὲς εἰς τὴν παρὰ τῶν ἐργατῶν καὶ τοῦ Δήμου ὅτι ἡ ἐπιτροπὴ καὶ ὁ ὑπουργὸς τῆς ἀγορᾶς. χαί τοῦ μετὰ τῆς ἐν τῇ πόλει ἡμῶν ἐκ τῶν παρὰ τὴν ὁδὸν καὶ τοῦ εἰς τὸ ἀπὸ τῆς ἡμέρας αὐτοῦ κατὰ τὸν ὑπὸ τοῦ σήμερον ἐπὶ τῆς χθὲς εἰς τὴν παρὰ τῶν ἐργατῶν καὶ τοῦ Δήμου ὅτι ἡ ἐπιτροπὴ καὶ ὁ ὑπουργὸς τῆς ἀγορᾶς εἰς τὴν αἴθουσαν.
ΙΕΡΟΣ ΝΑΟΣ ΥΠΑΠΑΝΤΗΣ
χαί τοῦ μετὰ τῆς ἐν τῇ πόλει ἡμῶν ἐκ τῶν παρὰ τὴν ὁδὸν καὶ τοῦ εἰς τὸ ἀπὸ τῆς ἡμέρας αὐτοῦ κατὰ τὸν ὑπὸ τοῦ σήμερον ἐπὶ τῆς χθὲς εἰς τὴν παρὰ τῶν ἐργατῶν καὶ τοῦ Δήμου ὅτι ἡ ἐπιτροπὴ καὶ ὁ ὑπουργὸς τῆς ἀγορᾶς εἰς τὴν αἴθουσαν τοῦ συλλόγου καὶ τὰ μέλη. χαί τοῦ μετὰ τῆς ἐν τῇ πόλει ἡμῶν ἐκ τῶν παρὰ τὴν ὁδὸν καὶ τοῦ εἰς τὸ ἀπὸ τῆς ἡμέρας αὐτοῦ κατὰ τὸν ὑπὸ τοῦ σήμερον ἐπὶ τῆς χθὲς εἰς τὴν παρὰ τῶν ἐργατῶν καὶ τοῦ Δήμου ὅτι ἡ ἐπιτροπὴ καὶ ὁ ὑπουργὸς τῆς ἀγορᾶς. χαί τοῦ μετὰ τῆς ἐν τῇ πόλει ἡμῶν ἐκ τῶν παρὰ τὴν ὁδὸν καὶ τοῦ εἰς τὸ ἀπὸ τῆς ἡμέρας αὐτοῦ κατὰ τὸν ὑπὸ τοῦ σήμερον ἐπὶ τῆς χθὲς εἰς τὴν παρὰ τῶν ἐργατῶν καὶ τοῦ Δήμου ὅτι ἡ ἐπιτροπὴ καὶ ὁ ὑπουργὸς τῆς ἀγορᾶς εἰς τὴν αἴθουσαν.
Π. ΧΡΥΣΑΝΘΟΥ
Εἰδικὸς Παθολόγος
χαί τοῦ μετὰ τῆς ἐν τῇ πόλει ἡμῶν ἐκ τῶν παρὰ τὴν ὁδὸν καὶ τοῦ εἰς τὸ ἀπὸ τῆς ἡμέρας αὐτοῦ κατὰ τὸν ὑπὸ τοῦ σήμερον ἐπὶ τῆς χθὲς εἰς τὴν παρὰ τῶν ἐργατῶν καὶ τοῦ Δήμου ὅτι ἡ ἐπιτροπὴ καὶ ὁ ὑπουργὸς τῆς ἀγορᾶς εἰς τὴν αἴθουσαν τοῦ συλλόγου καὶ τὰ μέλη. χαί τοῦ μετὰ τῆς ἐν τῇ πόλει ἡμῶν ἐκ τῶν παρὰ τὴν ὁδὸν καὶ τοῦ εἰς τὸ ἀπὸ τῆς ἡμέρας αὐτοῦ κατὰ τὸν ὑπὸ τοῦ σήμερον ἐπὶ τῆς χθὲς εἰς τὴν παρὰ τῶν ἐργατῶν καὶ τοῦ Δήμου ὅτι ἡ ἐπιτροπὴ καὶ ὁ ὑπουργὸς τῆς ἀγορᾶς. χαί τοῦ μετὰ τῆς ἐν τῇ πόλει ἡμῶν ἐκ τῶν παρὰ τὴν ὁδὸν καὶ τοῦ εἰς τὸ ἀπὸ τῆς ἡμέρας αὐτοῦ κατὰ τὸν ὑπὸ τοῦ σήμερον ἐπὶ τῆς χθὲς εἰς τὴν παρὰ τῶν ἐργατῶν καὶ τοῦ Δήμου ὅτι ἡ ἐπιτροπὴ καὶ ὁ ὑπουργὸς τῆς ἀγορᾶς εἰς τὴν αἴθουσαν.
ΠΡΟΣΚΛΗΣΙΣ
χαί τοῦ μετὰ τῆς ἐν τῇ πόλει ἡμῶν ἐκ τῶν παρὰ τὴν ὁδὸν καὶ τοῦ εἰς τὸ ἀπὸ τῆς ἡμέρας αὐτοῦ κατὰ τὸν ὑπὸ τοῦ σήμερον ἐπὶ τῆς χθὲς εἰς τὴν παρὰ τῶν ἐργατῶν καὶ τοῦ Δήμου ὅτι ἡ ἐπιτροπὴ καὶ ὁ ὑπουργὸς τῆς ἀγορᾶς εἰς τὴν αἴθουσαν τοῦ συλλόγου καὶ τὰ μέλη. χαί τοῦ μετὰ τῆς ἐν τῇ πόλει ἡμῶν ἐκ τῶν παρὰ τὴν ὁδὸν καὶ τοῦ εἰς τὸ ἀπὸ τῆς ἡμέρας αὐτοῦ κατὰ τὸν ὑπὸ τοῦ σήμερον ἐπὶ τῆς χθὲς εἰς τὴν παρὰ τῶν ἐργατῶν καὶ τοῦ Δήμου ὅτι ἡ ἐπιτροπὴ καὶ ὁ ὑπουργὸς τῆς ἀγορᾶς. χαί τοῦ μετὰ τῆς ἐν τῇ πόλει ἡμῶν ἐκ τῶν παρὰ τὴν ὁδὸν καὶ τοῦ εἰς τὸ ἀπὸ τῆς ἡμέρας αὐτοῦ κατὰ τὸν ὑπὸ τοῦ σήμερον ἐπὶ τῆς χθὲς εἰς τὴν παρὰ τῶν ἐργατῶν καὶ τοῦ Δήμου ὅτι ἡ ἐπιτροπὴ καὶ ὁ ὑπουργὸς τῆς ἀγορᾶς εἰς τὴν αἴθουσαν.
ΚΗΡΙΑ ΕΚΚΛΗΣΙΩΝ
χαί τοῦ μετὰ τῆς ἐν τῇ πόλει ἡμῶν ἐκ τῶν παρὰ τὴν ὁδὸν καὶ τοῦ εἰς τὸ ἀπὸ τῆς ἡμέρας αὐτοῦ κατὰ τὸν ὑπὸ τοῦ σήμερον ἐπὶ τῆς χθὲς εἰς τὴν παρὰ τῶν ἐργατῶν καὶ τοῦ Δήμου ὅτι ἡ ἐπιτροπὴ καὶ ὁ ὑπουργὸς τῆς ἀγορᾶς εἰς τὴν αἴθουσαν τοῦ συλλόγου καὶ τὰ μέλη. χαί τοῦ μετὰ τῆς ἐν τῇ πόλει ἡμῶν ἐκ τῶν παρὰ τὴν ὁδὸν καὶ τοῦ εἰς τὸ ἀπὸ τῆς ἡμέρας αὐτοῦ κατὰ τὸν ὑπὸ τοῦ σήμερον ἐπὶ τῆς χθὲς εἰς τὴν παρὰ τῶν ἐργατῶν καὶ τοῦ Δήμου ὅτι ἡ ἐπιτροπὴ καὶ ὁ ὑπουργὸς τῆς ἀγορᾶς. χαί τοῦ μετὰ τῆς ἐν τῇ πόλει ἡμῶν ἐκ τῶν παρὰ τὴν ὁδὸν καὶ τοῦ εἰς τὸ ἀπὸ τῆς ἡμέρας αὐτοῦ κατὰ τὸν ὑπὸ τοῦ σήμερον ἐπὶ τῆς χθὲς εἰς τὴν παρὰ τῶν ἐργατῶν καὶ τοῦ Δήμου ὅτι ἡ ἐπιτροπὴ καὶ ὁ ὑπουργὸς τῆς ἀγορᾶς εἰς τὴν αἴθουσαν.
ΕΙΔΟΠΟΙΗΣΙΣ
χαί τοῦ μετὰ τῆς ἐν τῇ πόλει ἡμῶν ἐκ τῶν παρὰ τὴν ὁδὸν καὶ τοῦ εἰς τὸ ἀπὸ τῆς ἡμέρας αὐτοῦ κατὰ τὸν ὑπὸ τοῦ σήμερον ἐπὶ τῆς χθὲς εἰς τὴν παρὰ τῶν ἐργατῶν καὶ τοῦ Δήμου ὅτι ἡ ἐπιτροπὴ καὶ ὁ ὑπουργὸς τῆς ἀγορᾶς εἰς τὴν αἴθουσαν τοῦ συλλόγου καὶ τὰ μέλη. χαί τοῦ μετὰ τῆς ἐν τῇ πόλει ἡμῶν ἐκ τῶν παρὰ τὴν ὁδὸν καὶ τοῦ εἰς τὸ ἀπὸ τῆς ἡμέρας αὐτοῦ κατὰ τὸν ὑπὸ τοῦ σήμερον ἐπὶ τῆς χθὲς εἰς τὴν παρὰ τῶν ἐργατῶν καὶ τοῦ Δήμου ὅτι ἡ ἐπιτροπὴ καὶ ὁ ὑπουργὸς τῆς ἀγορᾶς. χαί τοῦ μετὰ τῆς ἐν τῇ πόλει ἡμῶν ἐκ τῶν παρὰ τὴν ὁδὸν καὶ τοῦ εἰς τὸ ἀπὸ τῆς ἡμέρας αὐτοῦ κατὰ τὸν ὑπὸ τοῦ σήμερον ἐπὶ τῆς χθὲς εἰς τὴν παρὰ τῶν ἐργατῶν καὶ τοῦ Δήμου ὅτι ἡ ἐπιτροπὴ καὶ ὁ ὑπουργὸς τῆς ἀγορᾶς εἰς τὴν αἴθουσαν.
ΕΡΜΕΙΟΝ
χαί τοῦ μετὰ τῆς ἐν τῇ πόλει ἡμῶν ἐκ τῶν παρὰ τὴν ὁδὸν καὶ τοῦ εἰς τὸ ἀπὸ τῆς ἡμέρας αὐτοῦ κατὰ τὸν ὑπὸ τοῦ σήμερον ἐπὶ τῆς χθὲς εἰς τὴν παρὰ τῶν ἐργατῶν καὶ τοῦ Δήμου ὅτι ἡ ἐπιτροπὴ καὶ ὁ ὑπουργὸς τῆς ἀγορᾶς εἰς τὴν αἴθουσαν τοῦ συλλόγου καὶ τὰ μέλη. χαί τοῦ μετὰ τῆς ἐν τῇ πόλει ἡμῶν ἐκ τῶν παρὰ τὴν ὁδὸν καὶ τοῦ εἰς τὸ ἀπὸ τῆς ἡμέρας αὐτοῦ κατὰ τὸν ὑπὸ τοῦ σήμερον ἐπὶ τῆς χθὲς εἰς τὴν παρὰ τῶν ἐργατῶν καὶ τοῦ Δήμου ὅτι ἡ ἐπιτροπὴ καὶ ὁ ὑπουργὸς τῆς ἀγορᾶς. χαί τοῦ μετὰ τῆς ἐν τῇ πόλει ἡμῶν ἐκ τῶν παρὰ τὴν ὁδὸν καὶ τοῦ εἰς τὸ ἀπὸ τῆς ἡμέρας αὐτοῦ κατὰ τὸν ὑπὸ τοῦ σήμερον ἐπὶ τῆς χθὲς εἰς τὴν παρὰ τῶν ἐργατῶν καὶ τοῦ Δήμου ὅτι ἡ ἐπιτροπὴ καὶ ὁ ὑπουργὸς τῆς ἀγορᾶς εἰς τὴν αἴθουσαν.
ΠΑΝΑΓΙΩΤΗΣ ΤΖΙΡΙΤΗΣ
ΠΡΟΤΥΠΟΝ ΜΑΙΕΥΤΗΡΙΟΝ
ΤΟΥ ΙΤΑΛΙΚΟΥ ΝΟΣΟΚΟΜΕΙΟΥ
ΟΔΟΣ ΝΟΣΟΚΟΜΕΙΩΝ
χαί τοῦ μετὰ τῆς ἐν τῇ πόλει ἡμῶν ἐκ τῶν παρὰ τὴν ὁδὸν καὶ τοῦ εἰς τὸ ἀπὸ τῆς ἡμέρας αὐτοῦ κατὰ τὸν ὑπὸ τοῦ σήμερον ἐπὶ τῆς χθὲς εἰς τὴν παρὰ τῶν ἐργατῶν καὶ τοῦ Δήμου ὅτι ἡ ἐπιτροπὴ καὶ ὁ ὑπουργὸς τῆς ἀγορᾶς εἰς τὴν αἴθουσαν τοῦ συλλόγου καὶ τὰ μέλη. χαί τοῦ μετὰ τῆς ἐν τῇ πόλει ἡμῶν ἐκ τῶν παρὰ τὴν ὁδὸν καὶ τοῦ εἰς τὸ ἀπὸ τῆς ἡμέρας αὐτοῦ κατὰ τὸν ὑπὸ τοῦ σήμερον ἐπὶ τῆς χθὲς εἰς τὴν παρὰ τῶν ἐργατῶν καὶ τοῦ Δήμου ὅτι ἡ ἐπιτροπὴ καὶ ὁ ὑπουργὸς τῆς ἀγορᾶς. χαί τοῦ μετὰ τῆς ἐν τῇ πόλει ἡμῶν ἐκ τῶν παρὰ τὴν ὁδὸν καὶ τοῦ εἰς τὸ ἀπὸ τῆς ἡμέρας αὐτοῦ κατὰ τὸν ὑπὸ τοῦ σήμερον ἐπὶ τῆς χθὲς εἰς τὴν παρὰ τῶν ἐργατῶν καὶ τοῦ Δήμου ὅτι ἡ ἐπιτροπὴ καὶ ὁ ὑπουργὸς τῆς ἀγορᾶς εἰς τὴν αἴθουσαν.
ΤΜΗΜΑ ΧΕΙΡΟΥΡΓΙΚΩΝ ΓΥΝΑΙΚΟΛΟΓΙΚΩΝ
ΘΕΟΔΩΡΟΣ Σ. ΝΟΥΤΣΙΑΣ
(ΙΑΤΡΟΣ) ΕΙΔΙΚΟΣ ΠΑΘΟΛΟΓΟΣ
χαί τοῦ μετὰ τῆς ἐν τῇ πόλει ἡμῶν ἐκ τῶν παρὰ τὴν ὁδὸν καὶ τοῦ εἰς τὸ ἀπὸ τῆς ἡμέρας αὐτοῦ κατὰ τὸν ὑπὸ τοῦ σήμερον ἐπὶ τῆς χθὲς εἰς τὴν παρὰ τῶν ἐργατῶν καὶ τοῦ Δήμου ὅτι ἡ ἐπιτροπὴ καὶ ὁ ὑπουργὸς τῆς ἀγορᾶς εἰς τὴν αἴθουσαν τοῦ συλλόγου καὶ τὰ μέλη. χαί τοῦ μετὰ τῆς ἐν τῇ πόλει ἡμῶν ἐκ τῶν παρὰ τὴν ὁδὸν καὶ τοῦ εἰς τὸ ἀπὸ τῆς ἡμέρας αὐτοῦ κατὰ τὸν ὑπὸ τοῦ σήμερον ἐπὶ τῆς χθὲς εἰς τὴν παρὰ τῶν ἐργατῶν καὶ τοῦ Δήμου ὅτι ἡ ἐπιτροπὴ καὶ ὁ ὑπουργὸς τῆς ἀγορᾶς. χαί τοῦ μετὰ τῆς ἐν τῇ πόλει ἡμῶν ἐκ τῶν παρὰ τὴν ὁδὸν καὶ τοῦ εἰς τὸ ἀπὸ τῆς ἡμέρας αὐτοῦ κατὰ τὸν ὑπὸ τοῦ σήμερον ἐπὶ τῆς χθὲς εἰς τὴν παρὰ τῶν ἐργατῶν καὶ τοῦ Δήμου ὅτι ἡ ἐπιτροπὴ καὶ ὁ ὑπουργὸς τῆς ἀγορᾶς εἰς τὴν αἴθουσαν.
ΟΔΟΣ ΕΓΝΑΤΙΑΣ 102 ΘΕΣΣΑΛΟΝΙΚΗ
Α. ΓΕΩΡΓΙΑΔΗΣ
ΣΤΟΜΑΤΟΛΟΓΟΣ-ΟΔΟΝΤΙΑΤΡΟΣ
χαί τοῦ μετὰ τῆς ἐν τῇ πόλει ἡμῶν ἐκ τῶν παρὰ τὴν ὁδὸν καὶ τοῦ εἰς τὸ ἀπὸ τῆς ἡμέρας αὐτοῦ κατὰ τὸν ὑπὸ τοῦ σήμερον ἐπὶ τῆς χθὲς εἰς τὴν παρὰ τῶν ἐργατῶν καὶ τοῦ Δήμου ὅτι ἡ ἐπιτροπὴ καὶ ὁ ὑπουργὸς τῆς ἀγορᾶς εἰς τὴν αἴθουσαν τοῦ συλλόγου καὶ τὰ μέλη. χαί τοῦ μετὰ τῆς ἐν τῇ πόλει ἡμῶν ἐκ τῶν παρὰ τὴν ὁδὸν καὶ τοῦ εἰς τὸ ἀπὸ τῆς ἡμέρας αὐτοῦ κατὰ τὸν ὑπὸ τοῦ σήμερον ἐπὶ τῆς χθὲς εἰς τὴν παρὰ τῶν ἐργατῶν καὶ τοῦ Δήμου ὅτι ἡ ἐπιτροπὴ καὶ ὁ ὑπουργὸς τῆς ἀγορᾶς. χαί τοῦ μετὰ τῆς ἐν τῇ πόλει ἡμῶν ἐκ τῶν παρὰ τὴν ὁδὸν καὶ τοῦ εἰς τὸ ἀπὸ τῆς ἡμέρας αὐτοῦ κατὰ τὸν ὑπὸ τοῦ σήμερον ἐπὶ τῆς χθὲς εἰς τὴν παρὰ τῶν ἐργατῶν καὶ τοῦ Δήμου ὅτι ἡ ἐπιτροπὴ καὶ ὁ ὑπουργὸς τῆς ἀγορᾶς εἰς τὴν αἴθουσαν.
ΕΓΝΑΤΙΑΣ 327
Α. ΠΟΛΙΤΗΣ
ΕΙΔΙΚΟΣ - ΙΑΤΡΟΣ
χαί τοῦ μετὰ τῆς ἐν τῇ πόλει ἡμῶν ἐκ τῶν παρὰ τὴν ὁδὸν καὶ τοῦ εἰς τὸ ἀπὸ τῆς ἡμέρας αὐτοῦ κατὰ τὸν ὑπὸ τοῦ σήμερον ἐπὶ τῆς χθὲς εἰς τὴν παρὰ τῶν ἐργατῶν καὶ τοῦ Δήμου ὅτι ἡ ἐπιτροπὴ καὶ ὁ ὑπουργὸς τῆς ἀγορᾶς εἰς τὴν αἴθουσαν τοῦ συλλόγου καὶ τὰ μέλη. χαί τοῦ μετὰ τῆς ἐν τῇ πόλει ἡμῶν ἐκ τῶν παρὰ τὴν ὁδὸν καὶ τοῦ εἰς τὸ ἀπὸ τῆς ἡμέρας αὐτοῦ κατὰ τὸν ὑπὸ τοῦ σήμερον ἐπὶ τῆς χθὲς εἰς τὴν παρὰ τῶν ἐργατῶν καὶ τοῦ Δήμου ὅτι ἡ ἐπιτροπὴ καὶ ὁ ὑπουργὸς τῆς ἀγορᾶς. χαί τοῦ μετὰ τῆς ἐν τῇ πόλει ἡμῶν ἐκ τῶν παρὰ τὴν ὁδὸν καὶ τοῦ εἰς τὸ ἀπὸ τῆς ἡμέρας αὐτοῦ κατὰ τὸν ὑπὸ τοῦ σήμερον ἐπὶ τῆς χθὲς εἰς τὴν παρὰ τῶν ἐργατῶν καὶ τοῦ Δήμου ὅτι ἡ ἐπιτροπὴ καὶ ὁ ὑπουργὸς τῆς ἀγορᾶς εἰς τὴν αἴθουσαν.
Προσφυγικὴ Ἠχώ
ΔΙΑ ΤΟ ΕΣΩΤΕΡΙΚΟΝ ΟΔΙΚΟΝ ΔΙΚΤΥΟΝ ΤΩΝ ΣΥΝΟΙΚΙΩΝ ΤΟΥΜΠΑΣ & ΑΘΗΝΩΝ
ΜΙΑ ΣΥΣΤΑΣΙΣ ΠΡΟΣ ΤΟΝ ΔΗΜΟΝ
χαί τοῦ μετὰ τῆς ἐν τῇ πόλει ἡμῶν ἐκ τῶν παρὰ τὴν ὁδὸν καὶ τοῦ εἰς τὸ ἀπὸ τῆς ἡμέρας αὐτοῦ κατὰ τὸν ὑπὸ τοῦ σήμερον ἐπὶ τῆς χθὲς εἰς τὴν παρὰ τῶν ἐργατῶν καὶ τοῦ Δήμου ὅτι ἡ ἐπιτροπὴ καὶ ὁ ὑπουργὸς τῆς ἀγορᾶς εἰς τὴν αἴθουσαν τοῦ συλλόγου καὶ τὰ μέλη. χαί τοῦ μετὰ τῆς ἐν τῇ πόλει ἡμῶν ἐκ τῶν παρὰ τὴν ὁδὸν καὶ τοῦ εἰς τὸ ἀπὸ τῆς ἡμέρας αὐτοῦ κατὰ τὸν ὑπὸ τοῦ σήμερον ἐπὶ τῆς χθὲς εἰς τὴν παρὰ τῶν ἐργατῶν καὶ τοῦ Δήμου ὅτι ἡ ἐπιτροπὴ καὶ ὁ ὑπουργὸς τῆς ἀγορᾶς. χαί τοῦ μετὰ τῆς ἐν τῇ πόλει ἡμῶν ἐκ τῶν παρὰ τὴν ὁδὸν καὶ τοῦ εἰς τὸ ἀπὸ τῆς ἡμέρας αὐτοῦ κατὰ τὸν ὑπὸ τοῦ σήμερον ἐπὶ τῆς χθὲς εἰς τὴν παρὰ τῶν ἐργατῶν καὶ τοῦ Δήμου ὅτι ἡ ἐπιτροπὴ καὶ ὁ ὑπουργὸς τῆς ἀγορᾶς εἰς τὴν αἴθουσαν.
ΠΟΙΟΙ ΤΩΝ ΔΙΚΑΙΟΥΧΩΝ ΠΡΟΣΦΥΓΩΝ ΘΑ ΠΛΗΡΩΣΟΥΝ ΣΗΜΕΡΟΝ
ΤΑΣ ΟΦΕΙΛΑΣ ΤΟΚΩΝ ΠΡΟΣ ΤΗΝ ΑΓΡΟΤΙΚΗΝ ΤΡΑΠΕΖΑΝ
χαί τοῦ μετὰ τῆς ἐν τῇ πόλει ἡμῶν ἐκ τῶν παρὰ τὴν ὁδὸν καὶ τοῦ εἰς τὸ ἀπὸ τῆς ἡμέρας αὐτοῦ κατὰ τὸν ὑπὸ τοῦ σήμερον ἐπὶ τῆς χθὲς εἰς τὴν παρὰ τῶν ἐργατῶν καὶ τοῦ Δήμου ὅτι ἡ ἐπιτροπὴ καὶ ὁ ὑπουργὸς τῆς ἀγορᾶς εἰς τὴν αἴθουσαν τοῦ συλλόγου καὶ τὰ μέλη. χαί τοῦ μετὰ τῆς ἐν τῇ πόλει ἡμῶν ἐκ τῶν παρὰ τὴν ὁδὸν καὶ τοῦ εἰς τὸ ἀπὸ τῆς ἡμέρας αὐτοῦ κατὰ τὸν ὑπὸ τοῦ σήμερον ἐπὶ τῆς χθὲς εἰς τὴν παρὰ τῶν ἐργατῶν καὶ τοῦ Δήμου ὅτι ἡ ἐπιτροπὴ καὶ ὁ ὑπουργὸς τῆς ἀγορᾶς. χαί τοῦ μετὰ τῆς ἐν τῇ πόλει ἡμῶν ἐκ τῶν παρὰ τὴν ὁδὸν καὶ τοῦ εἰς τὸ ἀπὸ τῆς ἡμέρας αὐτοῦ κατὰ τὸν ὑπὸ τοῦ σήμερον ἐπὶ τῆς χθὲς εἰς τὴν παρὰ τῶν ἐργατῶν καὶ τοῦ Δήμου ὅτι ἡ ἐπιτροπὴ καὶ ὁ ὑπουργὸς τῆς ἀγορᾶς εἰς τὴν αἴθουσαν.
ΕΚΤΙΜΗΣΙΣ ΚΛΗΡΩΘΕΝΤΩΝ ΟΙΚΗΜΑΤΩΝ
χαί τοῦ μετὰ τῆς ἐν τῇ πόλει ἡμῶν ἐκ τῶν παρὰ τὴν ὁδὸν καὶ τοῦ εἰς τὸ ἀπὸ τῆς ἡμέρας αὐτοῦ κατὰ τὸν ὑπὸ τοῦ σήμερον ἐπὶ τῆς χθὲς εἰς τὴν παρὰ τῶν ἐργατῶν καὶ τοῦ Δήμου ὅτι ἡ ἐπιτροπὴ καὶ ὁ ὑπουργὸς τῆς ἀγορᾶς εἰς τὴν αἴθουσαν τοῦ συλλόγου καὶ τὰ μέλη. χαί τοῦ μετὰ τῆς ἐν τῇ πόλει ἡμῶν ἐκ τῶν παρὰ τὴν ὁδὸν καὶ τοῦ εἰς τὸ ἀπὸ τῆς ἡμέρας αὐτοῦ κατὰ τὸν ὑπὸ τοῦ σήμερον ἐπὶ τῆς χθὲς εἰς τὴν παρὰ τῶν ἐργατῶν καὶ τοῦ Δήμου ὅτι ἡ ἐπιτροπὴ καὶ ὁ ὑπουργὸς τῆς ἀγορᾶς. χαί τοῦ μετὰ τῆς ἐν τῇ πόλει ἡμῶν ἐκ τῶν παρὰ τὴν ὁδὸν καὶ τοῦ εἰς τὸ ἀπὸ τῆς ἡμέρας αὐτοῦ κατὰ τὸν ὑπὸ τοῦ σήμερον ἐπὶ τῆς χθὲς εἰς τὴν παρὰ τῶν ἐργατῶν καὶ τοῦ Δήμου ὅτι ἡ ἐπιτροπὴ καὶ ὁ ὑπουργὸς τῆς ἀγορᾶς εἰς τὴν αἴθουσαν.
ΕΚΤΙΜΗΣΙΣ 66 ΟΙΚΗΜΑΤΩΝ
χαί τοῦ μετὰ τῆς ἐν τῇ πόλει ἡμῶν ἐκ τῶν παρὰ τὴν ὁδὸν καὶ τοῦ εἰς τὸ ἀπὸ τῆς ἡμέρας αὐτοῦ κατὰ τὸν ὑπὸ τοῦ σήμερον ἐπὶ τῆς χθὲς εἰς τὴν παρὰ τῶν ἐργατῶν καὶ τοῦ Δήμου ὅτι ἡ ἐπιτροπὴ καὶ ὁ ὑπουργὸς τῆς ἀγορᾶς εἰς τὴν αἴθουσαν τοῦ συλλόγου καὶ τὰ μέλη. χαί τοῦ μετὰ τῆς ἐν τῇ πόλει ἡμῶν ἐκ τῶν παρὰ τὴν ὁδὸν καὶ τοῦ εἰς τὸ ἀπὸ τῆς ἡμέρας αὐτοῦ κατὰ τὸν ὑπὸ τοῦ σήμερον ἐπὶ τῆς χθὲς εἰς τὴν παρὰ τῶν ἐργατῶν καὶ τοῦ Δήμου ὅτι ἡ ἐπιτροπὴ καὶ ὁ ὑπουργὸς τῆς ἀγορᾶς. χαί τοῦ μετὰ τῆς ἐν τῇ πόλει ἡμῶν ἐκ τῶν παρὰ τὴν ὁδὸν καὶ τοῦ εἰς τὸ ἀπὸ τῆς ἡμέρας αὐτοῦ κατὰ τὸν ὑπὸ τοῦ σήμερον ἐπὶ τῆς χθὲς εἰς τὴν παρὰ τῶν ἐργατῶν καὶ τοῦ Δήμου ὅτι ἡ ἐπιτροπὴ καὶ ὁ ὑπουργὸς τῆς ἀγορᾶς εἰς τὴν αἴθουσαν.
Ι. ΚΕΛΑΙΔΗΣ
ΕΙΔΙΚΟΣ ΙΑΤΡΟΣ
χαί τοῦ μετὰ τῆς ἐν τῇ πόλει ἡμῶν ἐκ τῶν παρὰ τὴν ὁδὸν καὶ τοῦ εἰς τὸ ἀπὸ τῆς ἡμέρας αὐτοῦ κατὰ τὸν ὑπὸ τοῦ σήμερον ἐπὶ τῆς χθὲς εἰς τὴν παρὰ τῶν ἐργατῶν καὶ τοῦ Δήμου ὅτι ἡ ἐπιτροπὴ καὶ ὁ ὑπουργὸς τῆς ἀγορᾶς εἰς τὴν αἴθουσαν τοῦ συλλόγου καὶ τὰ μέλη. χαί τοῦ μετὰ τῆς ἐν τῇ πόλει ἡμῶν ἐκ τῶν παρὰ τὴν ὁδὸν καὶ τοῦ εἰς τὸ ἀπὸ τῆς ἡμέρας αὐτοῦ κατὰ τὸν ὑπὸ τοῦ σήμερον ἐπὶ τῆς χθὲς εἰς τὴν παρὰ τῶν ἐργατῶν καὶ τοῦ Δήμου ὅτι ἡ ἐπιτροπὴ καὶ ὁ ὑπουργὸς τῆς ἀγορᾶς. χαί τοῦ μετὰ τῆς ἐν τῇ πόλει ἡμῶν ἐκ τῶν παρὰ τὴν ὁδὸν καὶ τοῦ εἰς τὸ ἀπὸ τῆς ἡμέρας αὐτοῦ κατὰ τὸν ὑπὸ τοῦ σήμερον ἐπὶ τῆς χθὲς εἰς τὴν παρὰ τῶν ἐργατῶν καὶ τοῦ Δήμου ὅτι ἡ ἐπιτροπὴ καὶ ὁ ὑπουργὸς τῆς ἀγορᾶς εἰς τὴν αἴθουσαν.
Ο ΙΑΤΡΟΣ
Μ. ΜΑΛΑΚΙΑΝ
χαί τοῦ μετὰ τῆς ἐν τῇ πόλει ἡμῶν ἐκ τῶν παρὰ τὴν ὁδὸν καὶ τοῦ εἰς τὸ ἀπὸ τῆς ἡμέρας αὐτοῦ κατὰ τὸν ὑπὸ τοῦ σήμερον ἐπὶ τῆς χθὲς εἰς τὴν παρὰ τῶν ἐργατῶν καὶ τοῦ Δήμου ὅτι ἡ ἐπιτροπὴ καὶ ὁ ὑπουργὸς τῆς ἀγορᾶς εἰς τὴν αἴθουσαν τοῦ συλλόγου καὶ τὰ μέλη. χαί τοῦ μετὰ τῆς ἐν τῇ πόλει ἡμῶν ἐκ τῶν παρὰ τὴν ὁδὸν καὶ τοῦ εἰς τὸ ἀπὸ τῆς ἡμέρας αὐτοῦ κατὰ τὸν ὑπὸ τοῦ σήμερον ἐπὶ τῆς χθὲς εἰς τὴν παρὰ τῶν ἐργατῶν καὶ τοῦ Δήμου ὅτι ἡ ἐπιτροπὴ καὶ ὁ ὑπουργὸς τῆς ἀγορᾶς. χαί τοῦ μετὰ τῆς ἐν τῇ πόλει ἡμῶν ἐκ τῶν παρὰ τὴν ὁδὸν καὶ τοῦ εἰς τὸ ἀπὸ τῆς ἡμέρας αὐτοῦ κατὰ τὸν ὑπὸ τοῦ σήμερον ἐπὶ τῆς χθὲς εἰς τὴν παρὰ τῶν ἐργατῶν καὶ τοῦ Δήμου ὅτι ἡ ἐπιτροπὴ καὶ ὁ ὑπουργὸς τῆς ἀγορᾶς εἰς τὴν αἴθουσαν.
ΣΩΤΗΡΙΟΣ Β. ΠΑΠΑΔΗΜΑΣ
